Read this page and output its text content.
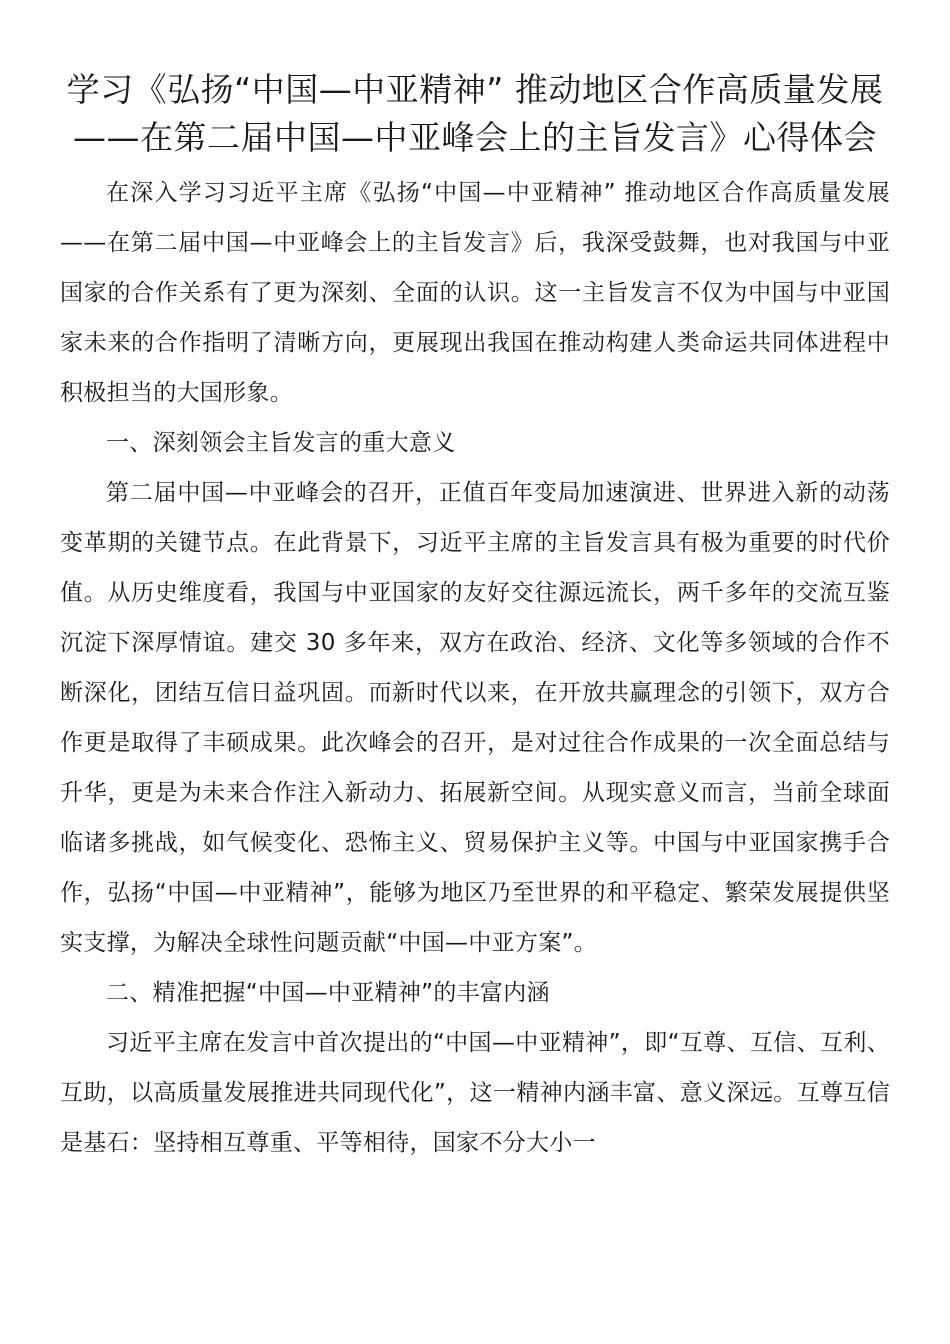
学习《弘扬“中国—中亚精神” 推动地区合作高质量发展——在第二届中国—中亚峰会上的主旨发言》心得体会

在深入学习习近平主席《弘扬“中国—中亚精神” 推动地区合作高质量发展——在第二届中国—中亚峰会上的主旨发言》后，我深受鼓舞，也对我国与中亚国家的合作关系有了更为深刻、全面的认识。这一主旨发言不仅为中国与中亚国家未来的合作指明了清晰方向，更展现出我国在推动构建人类命运共同体进程中积极担当的大国形象。

一、深刻领会主旨发言的重大意义

第二届中国—中亚峰会的召开，正值百年变局加速演进、世界进入新的动荡变革期的关键节点。在此背景下，习近平主席的主旨发言具有极为重要的时代价值。从历史维度看，我国与中亚国家的友好交往源远流长，两千多年的交流互鉴沉淀下深厚情谊。建交 30 多年来，双方在政治、经济、文化等多领域的合作不断深化，团结互信日益巩固。而新时代以来，在开放共赢理念的引领下，双方合作更是取得了丰硕成果。此次峰会的召开，是对过往合作成果的一次全面总结与升华，更是为未来合作注入新动力、拓展新空间。从现实意义而言，当前全球面临诸多挑战，如气候变化、恐怖主义、贸易保护主义等。中国与中亚国家携手合作，弘扬“中国—中亚精神”，能够为地区乃至世界的和平稳定、繁荣发展提供坚实支撑，为解决全球性问题贡献“中国—中亚方案”。

二、精准把握“中国—中亚精神”的丰富内涵

习近平主席在发言中首次提出的“中国—中亚精神”，即“互尊、互信、互利、互助，以高质量发展推进共同现代化”，这一精神内涵丰富、意义深远。互尊互信是基石：坚持相互尊重、平等相待，国家不分大小一
